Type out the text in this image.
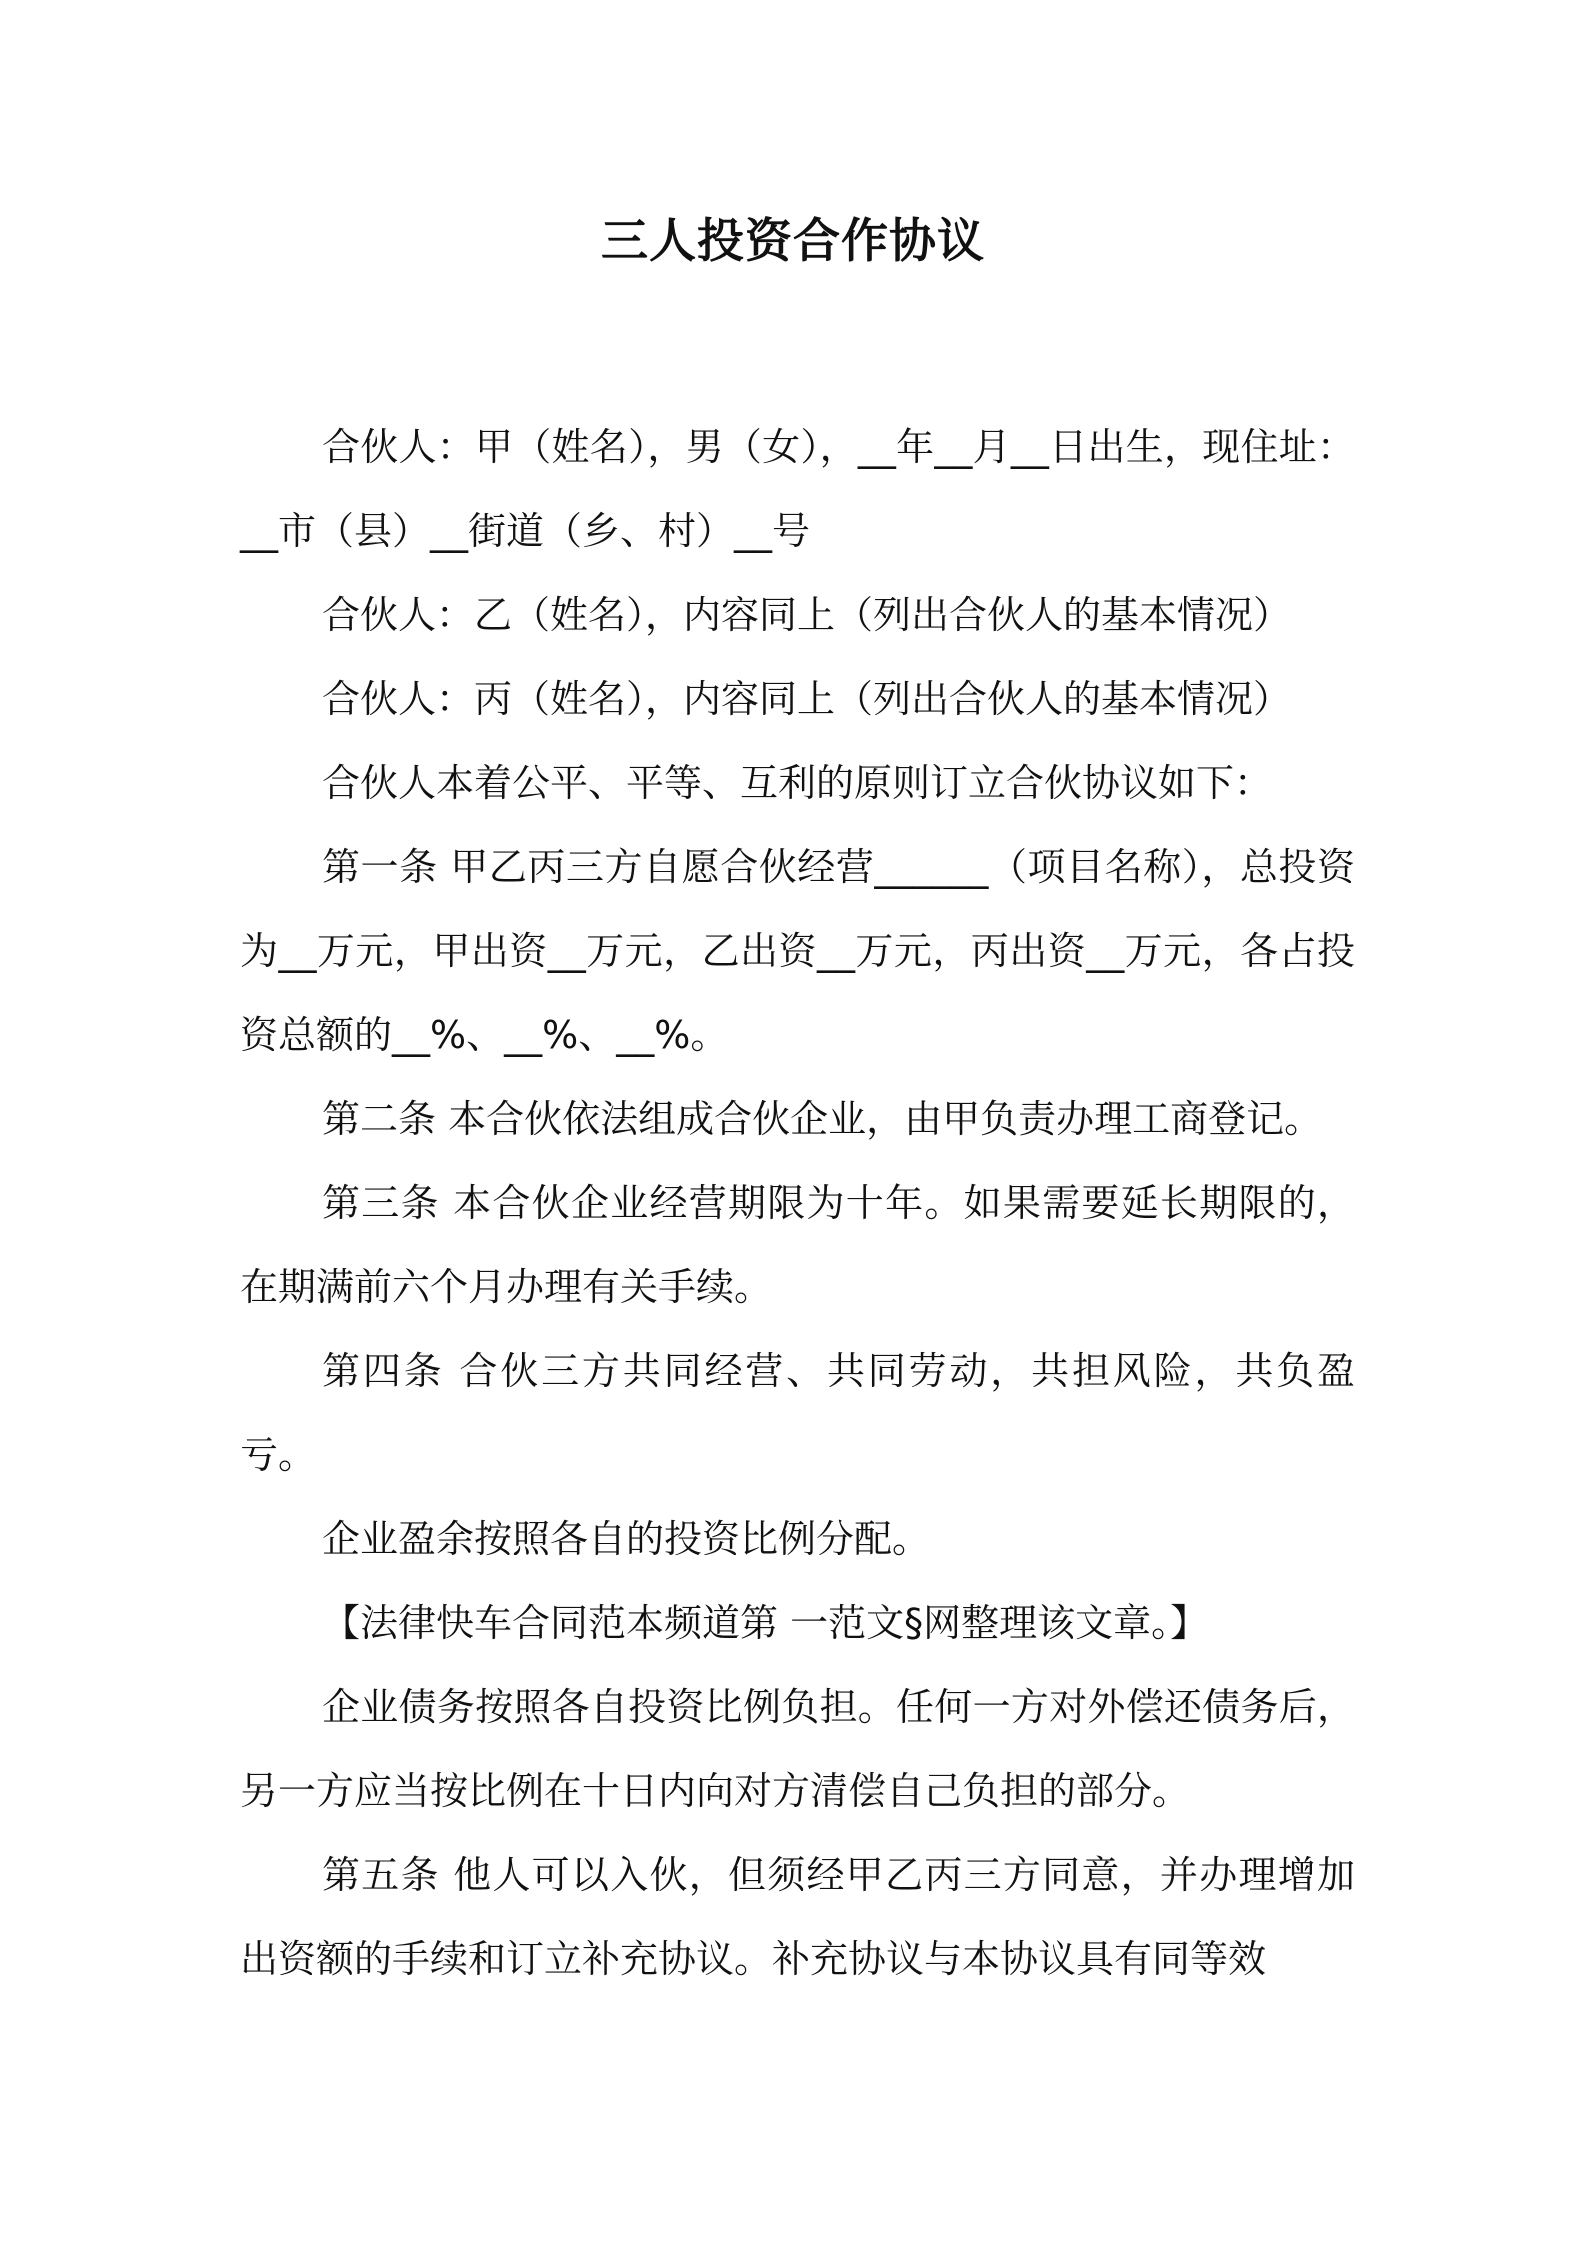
三人投资合作协议

合伙人：甲（姓名），男（女），__年__月__日出生，现住址：__市（县）__街道（乡、村）__号

合伙人：乙（姓名），内容同上（列出合伙人的基本情况）

合伙人：丙（姓名），内容同上（列出合伙人的基本情况）

合伙人本着公平、平等、互利的原则订立合伙协议如下：

第一条 甲乙丙三方自愿合伙经营______（项目名称），总投资为__万元，甲出资__万元，乙出资__万元，丙出资__万元，各占投资总额的__%、__%、__%。

第二条 本合伙依法组成合伙企业，由甲负责办理工商登记。

第三条 本合伙企业经营期限为十年。如果需要延长期限的，在期满前六个月办理有关手续。

第四条 合伙三方共同经营、共同劳动，共担风险，共负盈亏。

企业盈余按照各自的投资比例分配。

【法律快车合同范本频道第 一范文§网整理该文章。】

企业债务按照各自投资比例负担。任何一方对外偿还债务后，另一方应当按比例在十日内向对方清偿自己负担的部分。

第五条 他人可以入伙，但须经甲乙丙三方同意，并办理增加出资额的手续和订立补充协议。补充协议与本协议具有同等效
